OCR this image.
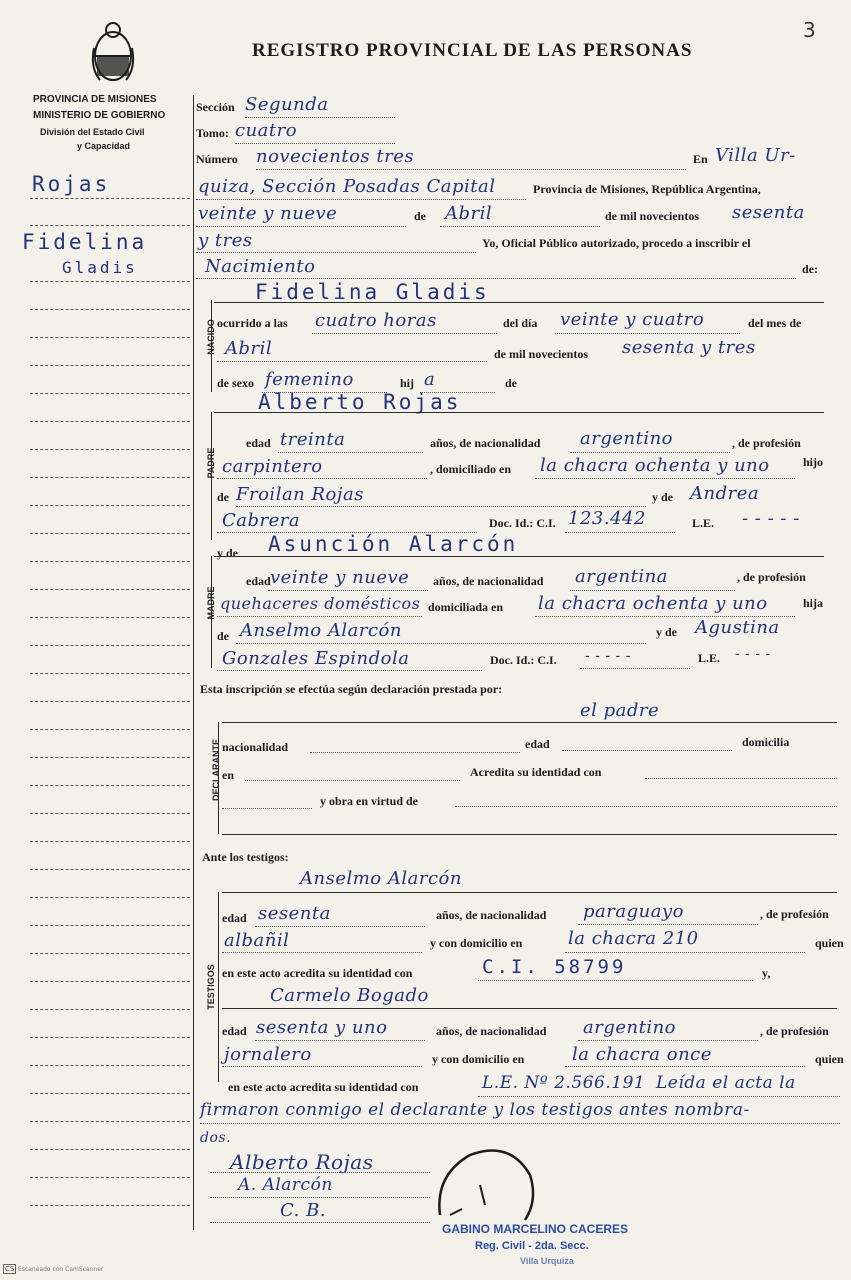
REGISTRO PROVINCIAL DE LAS PERSONAS
3
PROVINCIA DE MISIONES
MINISTERIO DE GOBIERNO
División del Estado Civil
y Capacidad
Rojas
Fidelina
Gladis
Sección Segunda
Tomo: cuatro
Número novecientos tres	En Villa Ur-
quiza, Sección Posadas Capital	Provincia de Misiones, República Argentina,
veinte y nueve	de Abril	de mil novecientos sesenta
y tres	Yo, Oficial Público autorizado, procedo a inscribir el
Nacimiento	de:
NACIDO
Fidelina Gladis
ocurrido a las cuatro horas	del día veinte y cuatro	del mes de
Abril	de mil novecientos sesenta y tres
de sexo femenino	hij a	de
Alberto Rojas
PADRE
edad treinta	años, de nacionalidad argentino	, de profesión
carpintero	, domiciliado en la chacra ochenta y uno	hijo
de Froilan Rojas	y de Andrea
Cabrera	Doc. Id.: C.I. 123.442	L.E. - - - - -
y de Asunción Alarcón
MADRE
edad veinte y nueve años, de nacionalidad argentina	, de profesión
quehaceres domésticos domiciliada en la chacra ochenta y uno	hija
de Anselmo Alarcón	y de Agustina
Gonzales Espindola	Doc. Id.: C.I. - - - - -	L.E. - - - -
Esta inscripción se efectúa según declaración prestada por:
el padre
DECLARANTE nacionalidad	edad	domicilia
en	Acredita su identidad con
y obra en virtud de
Ante los testigos:
Anselmo Alarcón
TESTIGOS
edad sesenta	años, de nacionalidad paraguayo	, de profesión
albañil	y con domicilio en	la chacra 210	quien
en este acto acredita su identidad con	C.I. 58799	y,
Carmelo Bogado
edad sesenta y uno	años, de nacionalidad argentino	, de profesión
jornalero	y con domicilio en	la chacra once	quien
en este acto acredita su identidad con	L.E. Nº 2.566.191 Leída el acta la
firmaron conmigo el declarante y los testigos antes nombra-
dos.
Alberto Rojas
A. Alarcón
C. B.
GABINO MARCELINO CACERES
Reg. Civil - 2da. Secc.
Villa Urquiza
CS Escaneado con CamScanner
